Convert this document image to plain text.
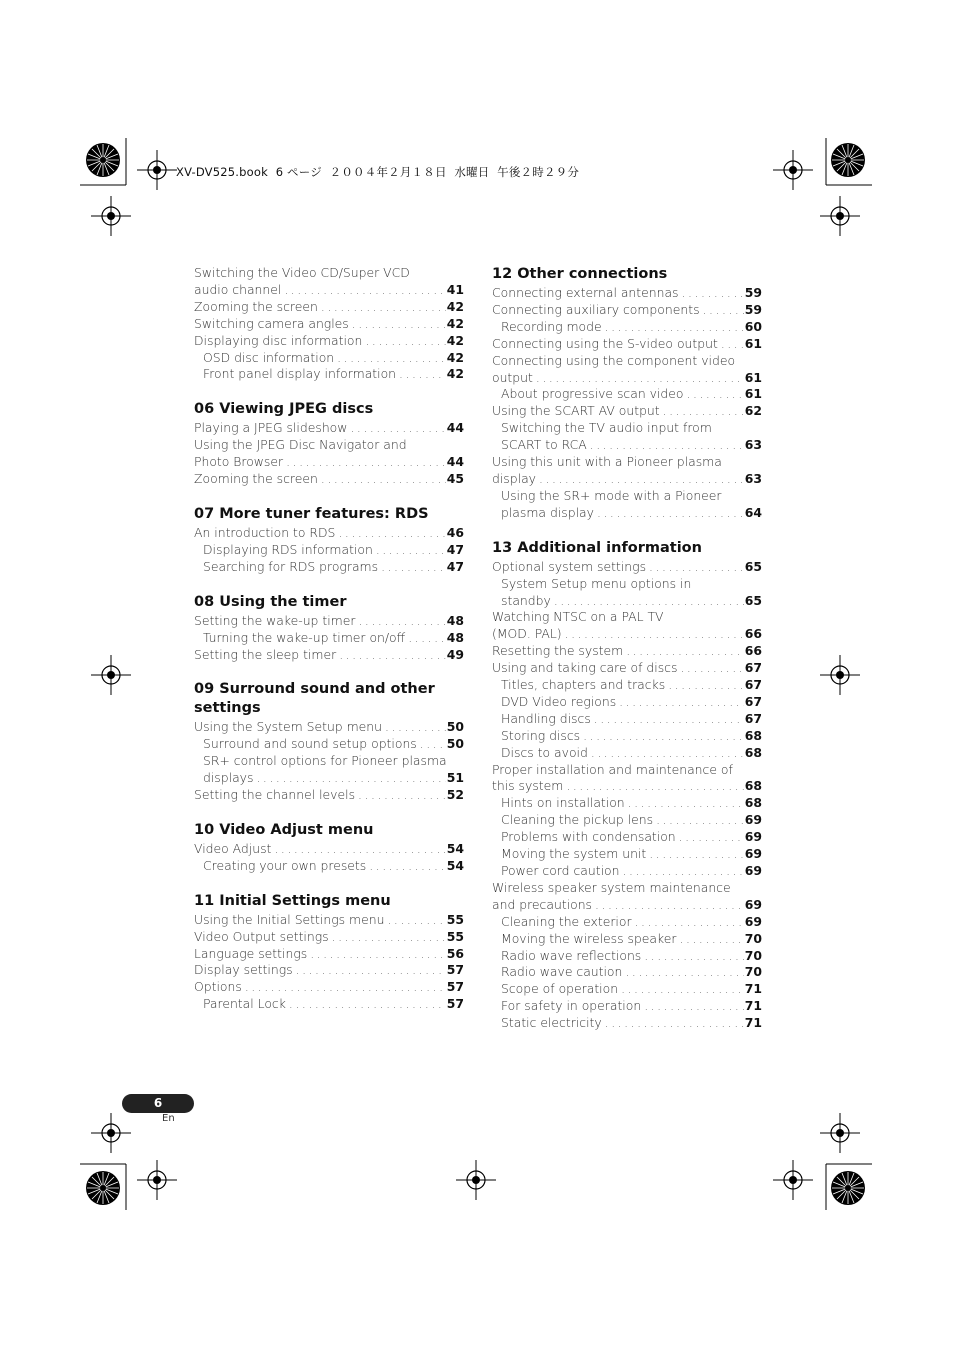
XV-DV525.book  6 ページ  ２００４年２月１８日  水曜日  午後２時２９分
Switching the Video CD/Super VCD
audio channel . . .	41
Zooming the screen . . .	42
Switching camera angles . . .	42
Displaying disc information . . .	42
OSD disc information . . .	42
Front panel display information . . .	42
06 Viewing JPEG discs
Playing a JPEG slideshow . . .	44
Using the JPEG Disc Navigator and
Photo Browser . . .	44
Zooming the screen . . .	45
07 More tuner features: RDS
An introduction to RDS . . .	46
Displaying RDS information . . .	47
Searching for RDS programs . . .	47
08 Using the timer
Setting the wake-up timer . . .	48
Turning the wake-up timer on/off . . .	48
Setting the sleep timer . . .	49
09 Surround sound and other settings
Using the System Setup menu . . .	50
Surround and sound setup options . . . 50
SR+ control options for Pioneer plasma
displays . . .	51
Setting the channel levels . . .	52
10 Video Adjust menu
Video Adjust . . .	54
Creating your own presets . . .	54
11 Initial Settings menu
Using the Initial Settings menu . . .	55
Video Output settings . . .	55
Language settings . . .	56
Display settings . . .	57
Options . . .	57
Parental Lock . . .	57
12 Other connections
Connecting external antennas . . .	59
Connecting auxiliary components . . .	59
Recording mode . . .	60
Connecting using the S-video output . . . 61
Connecting using the component video
output . . .	61
About progressive scan video . . .	61
Using the SCART AV output . . .	62
Switching the TV audio input from
SCART to RCA . . .	63
Using this unit with a Pioneer plasma
display . . .	63
Using the SR+ mode with a Pioneer
plasma display . . .	64
13 Additional information
Optional system settings . . .	65
System Setup menu options in
standby . . .	65
Watching NTSC on a PAL TV
(MOD. PAL) . . .	66
Resetting the system . . .	66
Using and taking care of discs . . .	67
Titles, chapters and tracks . . .	67
DVD Video regions . . .	67
Handling discs . . .	67
Storing discs . . .	68
Discs to avoid . . .	68
Proper installation and maintenance of
this system . . .	68
Hints on installation . . .	68
Cleaning the pickup lens . . .	69
Problems with condensation . . .	69
Moving the system unit . . .	69
Power cord caution . . .	69
Wireless speaker system maintenance
and precautions . . .	69
Cleaning the exterior . . .	69
Moving the wireless speaker . . .	70
Radio wave reflections . . .	70
Radio wave caution . . .	70
Scope of operation . . .	71
For safety in operation . . .	71
Static electricity . . .	71
6
En
